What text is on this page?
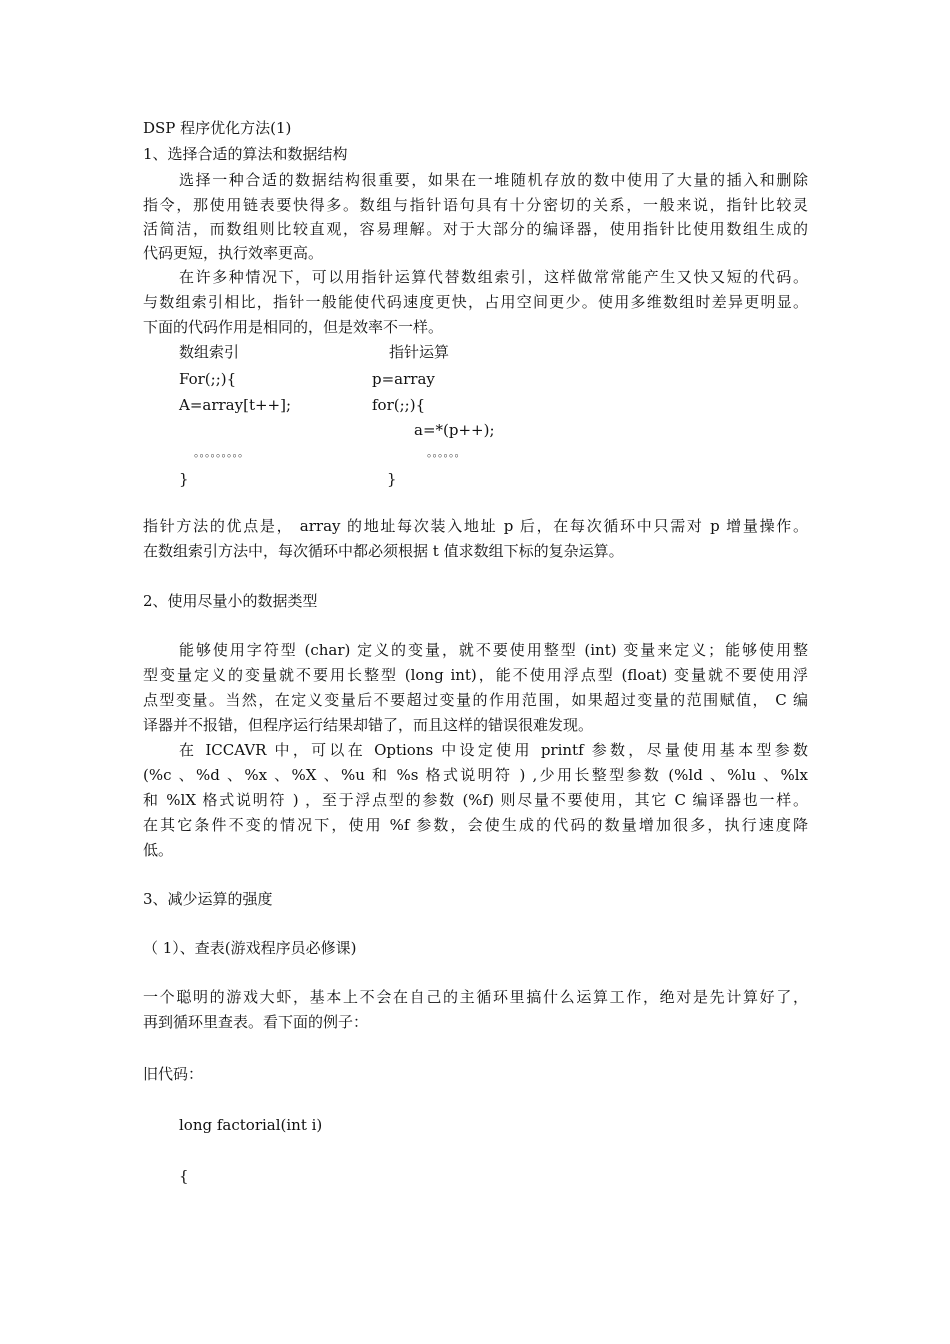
DSP 程序优化方法(1)
1、选择合适的算法和数据结构
选择一种合适的数据结构很重要，如果在一堆随机存放的数中使用了大量的插入和删除
指令，那使用链表要快得多。数组与指针语句具有十分密切的关系，一般来说，指针比较灵
活简洁，而数组则比较直观，容易理解。对于大部分的编译器，使用指针比使用数组生成的
代码更短，执行效率更高。
在许多种情况下，可以用指针运算代替数组索引，这样做常常能产生又快又短的代码。
与数组索引相比，指针一般能使代码速度更快，占用空间更少。使用多维数组时差异更明显。
下面的代码作用是相同的，但是效率不一样。
数组索引	指针运算
For(;;){
A=array[t++];
。。。。。。。。。
}
p=array
for(;;){
a=*(p++);
。。。。。。
}
指针方法的优点是， array 的地址每次装入地址 p 后，在每次循环中只需对 p 增量操作。
在数组索引方法中，每次循环中都必须根据 t 值求数组下标的复杂运算。
2、使用尽量小的数据类型
能够使用字符型 (char) 定义的变量，就不要使用整型 (int) 变量来定义；能够使用整
型变量定义的变量就不要用长整型 (long int)，能不使用浮点型 (float) 变量就不要使用浮
点型变量。当然，在定义变量后不要超过变量的作用范围，如果超过变量的范围赋值， C 编
译器并不报错，但程序运行结果却错了，而且这样的错误很难发现。
在 ICCAVR 中，可以在 Options 中设定使用 printf 参数，尽量使用基本型参数
(%c 、%d 、%x 、%X 、%u 和 %s 格式说明符 ) ,少用长整型参数 (%ld 、%lu 、%lx
和 %lX 格式说明符 ) ，至于浮点型的参数 (%f) 则尽量不要使用，其它 C 编译器也一样。
在其它条件不变的情况下，使用 %f 参数，会使生成的代码的数量增加很多，执行速度降
低。
3、减少运算的强度
（ 1）、查表(游戏程序员必修课)
一个聪明的游戏大虾，基本上不会在自己的主循环里搞什么运算工作，绝对是先计算好了，
再到循环里查表。看下面的例子：
旧代码：
long factorial(int i)
{
